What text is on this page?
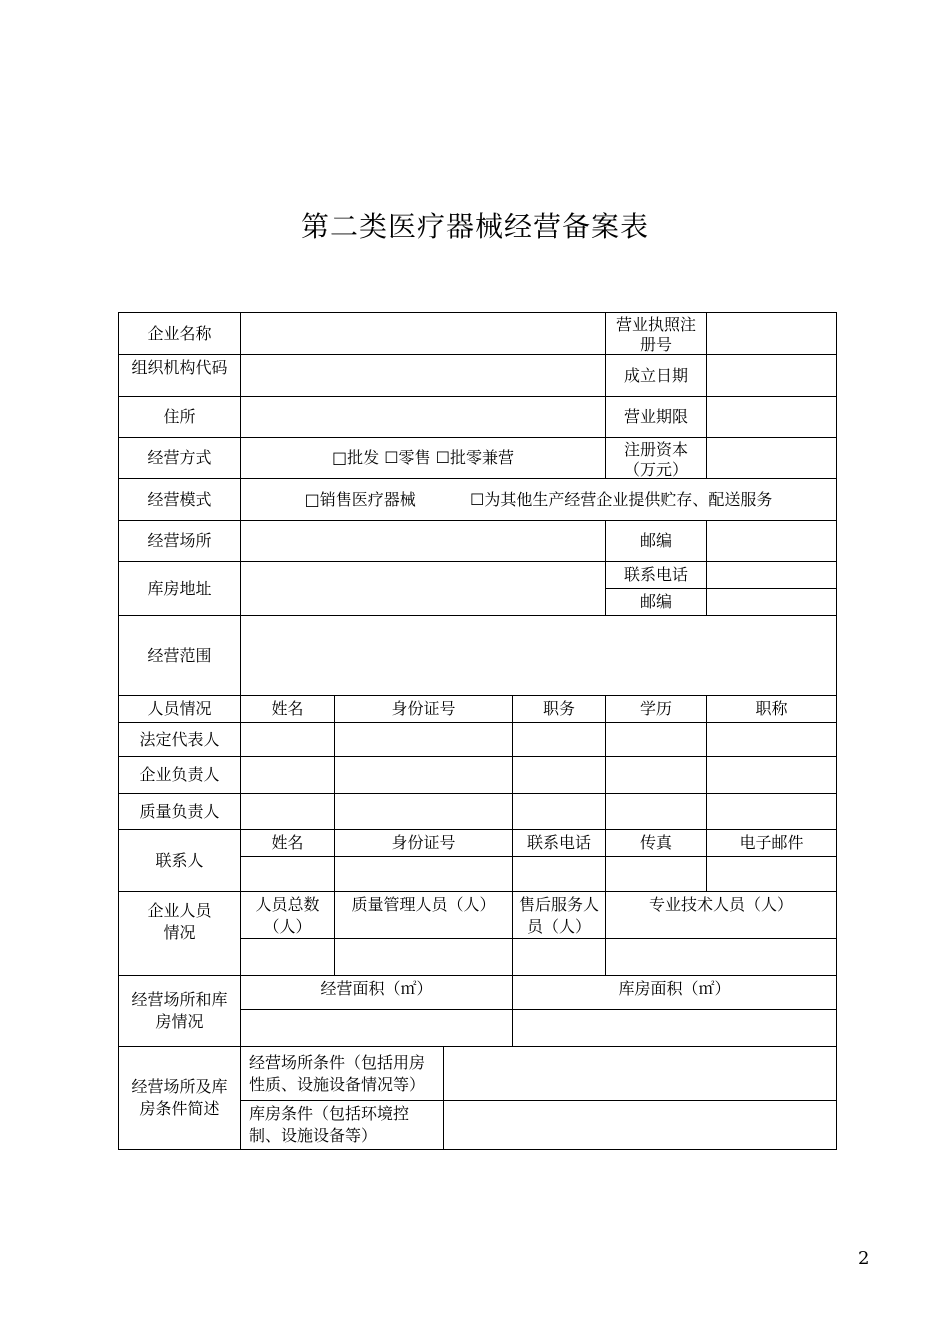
第二类医疗器械经营备案表
企业名称					营业执照注册号	

组织机构代码					成立日期	
住所					营业期限	
经营方式	□批发 ☐零售 ☐批零兼营				注册资本（万元）	

经营模式	□销售医疗器械 ☐为其他生产经营企业提供贮存、配送服务					
经营场所					邮编	
库房地址					联系电话	
					邮编	
经营范围						
人员情况	姓名	身份证号		职务	学历	职称
法定代表人						
企业负责人						
质量负责人						
联系人	姓名	身份证号		联系电话	传真	电子邮件

企业人员情况	人员总数（人）	质量管理人员（人）		售后服务人员（人）	专业技术人员（人）	

经营场所和库房情况	经营面积（㎡）			库房面积（㎡）		

经营场所及库房条件简述	经营场所条件（包括用房性质、设施设备情况等）					
	库房条件（包括环境控制、设施设备等）					
2
